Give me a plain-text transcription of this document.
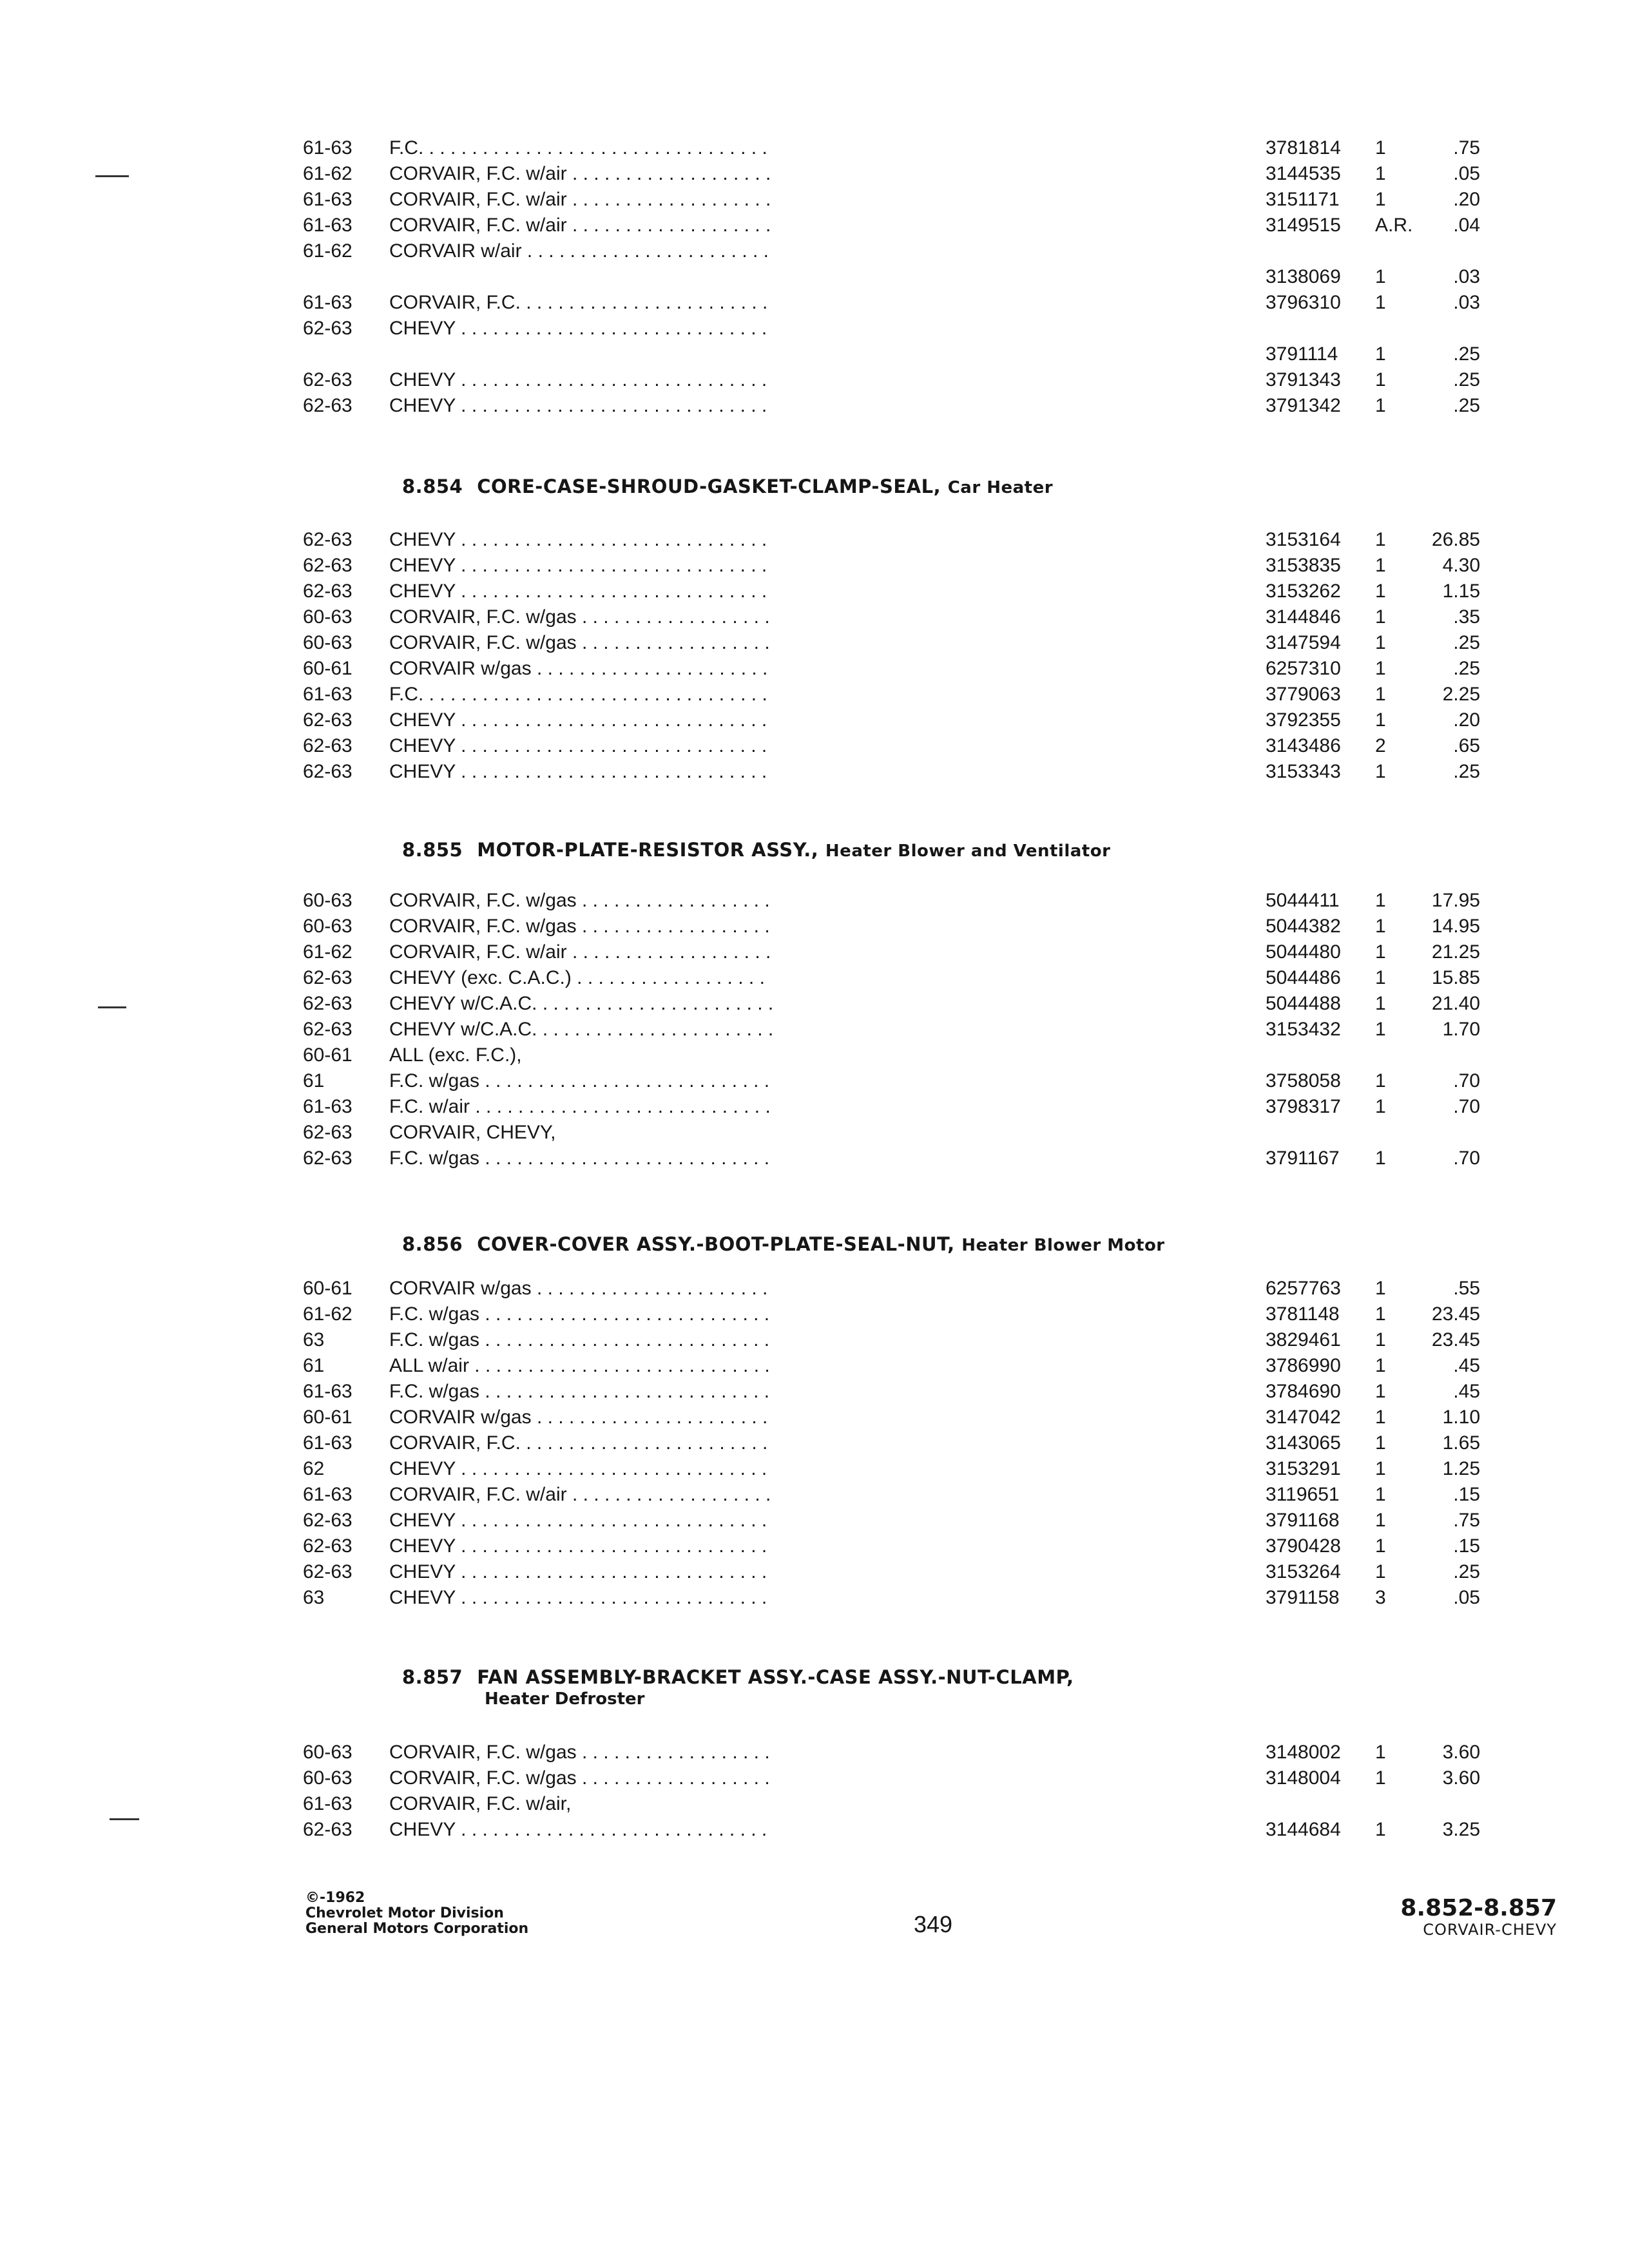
61-63 F.C. . . .	3781814 1	.75
61-62 CORVAIR, F.C. w/air . . .	3144535 1	.05
61-63 CORVAIR, F.C. w/air . . .	3151171 1	.20
61-63 CORVAIR, F.C. w/air . . .	3149515 A.R. .04
61-62 CORVAIR w/air . . .
3138069 1	.03
61-63 CORVAIR, F.C. . . .	3796310 1	.03
62-63 CHEVY . . .
3791114 1	.25
62-63 CHEVY . . .	3791343 1	.25
62-63 CHEVY . . .	3791342 1	.25
8.854 CORE-CASE-SHROUD-GASKET-CLAMP-SEAL, Car Heater
62-63 CHEVY . . .	3153164 1 26.85
62-63 CHEVY . . .	3153835 1	4.30
62-63 CHEVY . . .	3153262 1	1.15
60-63 CORVAIR, F.C. w/gas . . .	3144846 1	.35
60-63 CORVAIR, F.C. w/gas . . .	3147594 1	.25
60-61 CORVAIR w/gas . . .	6257310 1	.25
61-63 F.C. . . .	3779063 1	2.25
62-63 CHEVY . . .	3792355 1	.20
62-63 CHEVY . . .	3143486 2	.65
62-63 CHEVY . . .	3153343 1	.25
8.855 MOTOR-PLATE-RESISTOR ASSY., Heater Blower and Ventilator
60-63 CORVAIR, F.C. w/gas . . .	5044411 1 17.95
60-63 CORVAIR, F.C. w/gas . . .	5044382 1 14.95
61-62 CORVAIR, F.C. w/air . . .	5044480 1 21.25
62-63 CHEVY (exc. C.A.C.) . . .	5044486 1 15.85
62-63 CHEVY w/C.A.C. . . .	5044488 1 21.40
62-63 CHEVY w/C.A.C. . . .	3153432 1	1.70
60-61 ALL (exc. F.C.),
61	F.C. w/gas . . .	3758058 1	.70
61-63 F.C. w/air . . .	3798317 1	.70
62-63 CORVAIR, CHEVY,
62-63 F.C. w/gas . . .	3791167 1	.70
8.856 COVER-COVER ASSY.-BOOT-PLATE-SEAL-NUT, Heater Blower Motor
60-61 CORVAIR w/gas . . .	6257763 1	.55
61-62 F.C. w/gas . . .	3781148 1 23.45
63	F.C. w/gas . . .	3829461 1 23.45
61	ALL w/air . . .	3786990 1	.45
61-63 F.C. w/gas . . .	3784690 1	.45
60-61 CORVAIR w/gas . . .	3147042 1	1.10
61-63 CORVAIR, F.C. . . .	3143065 1	1.65
62	CHEVY . . .	3153291 1	1.25
61-63 CORVAIR, F.C. w/air . . .	3119651 1	.15
62-63 CHEVY . . .	3791168 1	.75
62-63 CHEVY . . .	3790428 1	.15
62-63 CHEVY . . .	3153264 1	.25
63	CHEVY . . .	3791158 3	.05
8.857 FAN ASSEMBLY-BRACKET ASSY.-CASE ASSY.-NUT-CLAMP,
Heater Defroster
60-63 CORVAIR, F.C. w/gas . . .	3148002 1	3.60
60-63 CORVAIR, F.C. w/gas . . .	3148004 1	3.60
61-63 CORVAIR, F.C. w/air,
62-63 CHEVY . . .	3144684 1	3.25
©-1962
Chevrolet Motor Division
General Motors Corporation	349
8.852-8.857
CORVAIR-CHEVY
